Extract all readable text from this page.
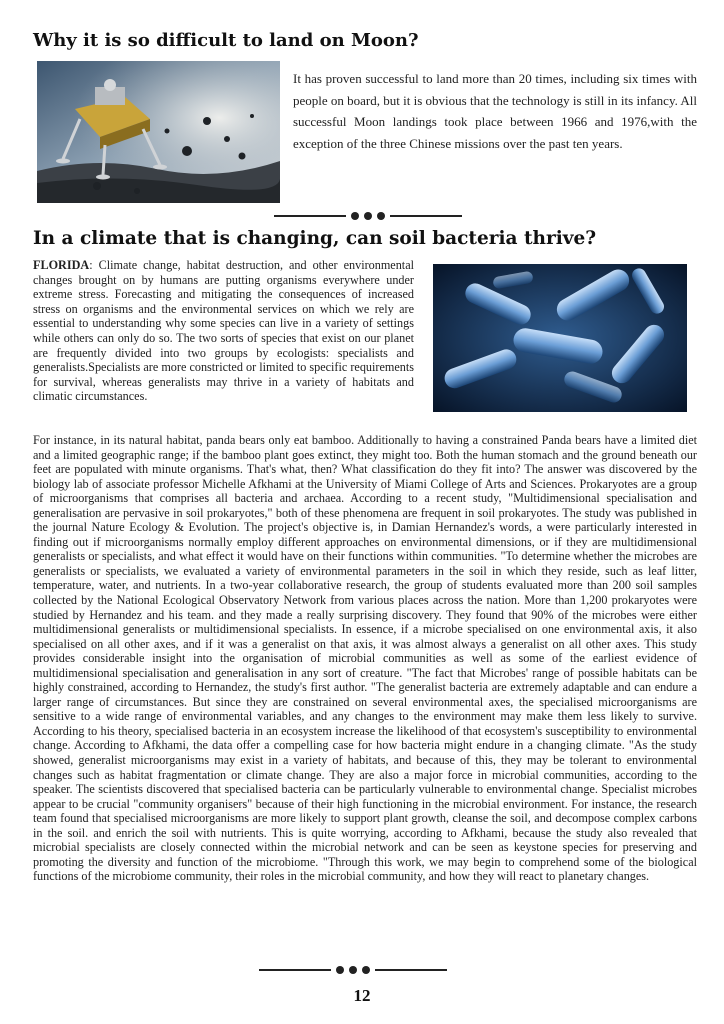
Why it is so difficult to land on Moon?

It has proven successful to land more than 20 times, including six times with people on board, but it is obvious that the technology is still in its infancy. All successful Moon landings took place between 1966 and 1976,with the exception of the three Chinese missions over the past ten years.

In a climate that is changing, can soil bacteria thrive?

FLORIDA: Climate change, habitat destruction, and other environmental changes brought on by humans are putting organisms everywhere under extreme stress. Forecasting and mitigating the consequences of increased stress on organisms and the environmental services on which we rely are essential to understanding why some species can live in a variety of settings while others can only do so. The two sorts of species that exist on our planet are frequently divided into two groups by ecologists: specialists and generalists.Specialists are more constricted or limited to specific requirements for survival, whereas generalists may thrive in a variety of habitats and climatic circumstances.

For instance, in its natural habitat, panda bears only eat bamboo. Additionally to having a constrained Panda bears have a limited diet and a limited geographic range; if the bamboo plant goes extinct, they might too. Both the human stomach and the ground beneath our feet are populated with minute organisms. That's what, then? What classification do they fit into? The answer was discovered by the biology lab of associate professor Michelle Afkhami at the University of Miami College of Arts and Sciences. Prokaryotes are a group of microorganisms that comprises all bacteria and archaea. According to a recent study, "Multidimensional specialisation and generalisation are pervasive in soil prokaryotes," both of these phenomena are frequent in soil prokaryotes. The study was published in the journal Nature Ecology & Evolution. The project's objective is, in Damian Hernandez's words, a were particularly interested in finding out if microorganisms normally employ different approaches on environmental dimensions, or if they are multidimensional generalists or specialists, and what effect it would have on their functions within communities. "To determine whether the microbes are generalists or specialists, we evaluated a variety of environmental parameters in the soil in which they reside, such as leaf litter, temperature, water, and nutrients. In a two-year collaborative research, the group of students evaluated more than 200 soil samples collected by the National Ecological Observatory Network from various places across the nation. More than 1,200 prokaryotes were studied by Hernandez and his team. and they made a really surprising discovery. They found that 90% of the microbes were either multidimensional generalists or multidimensional specialists. In essence, if a microbe specialised on one environmental axis, it also specialised on all other axes, and if it was a generalist on that axis, it was almost always a generalist on all other axes. This study provides considerable insight into the organisation of microbial communities as well as some of the earliest evidence of multidimensional specialisation and generalisation in any sort of creature. "The fact that Microbes' range of possible habitats can be highly constrained, according to Hernandez, the study's first author. "The generalist bacteria are extremely adaptable and can endure a larger range of circumstances. But since they are constrained on several environmental axes, the specialised microorganisms are sensitive to a wide range of environmental variables, and any changes to the environment may make them less likely to survive. According to his theory, specialised bacteria in an ecosystem increase the likelihood of that ecosystem's susceptibility to environmental change. According to Afkhami, the data offer a compelling case for how bacteria might endure in a changing climate. "As the study showed, generalist microorganisms may exist in a variety of habitats, and because of this, they may be tolerant to environmental changes such as habitat fragmentation or climate change. They are also a major force in microbial communities, according to the speaker. The scientists discovered that specialised bacteria can be particularly vulnerable to environmental change. Specialist microbes appear to be crucial "community organisers" because of their high functioning in the microbial environment. For instance, the research team found that specialised microorganisms are more likely to support plant growth, cleanse the soil, and decompose complex carbons in the soil. and enrich the soil with nutrients. This is quite worrying, according to Afkhami, because the study also revealed that microbial specialists are closely connected within the microbial network and can be seen as keystone species for preserving and promoting the diversity and function of the microbiome. "Through this work, we may begin to comprehend some of the biological functions of the microbiome community, their roles in the microbial community, and how they will react to planetary changes.

12
